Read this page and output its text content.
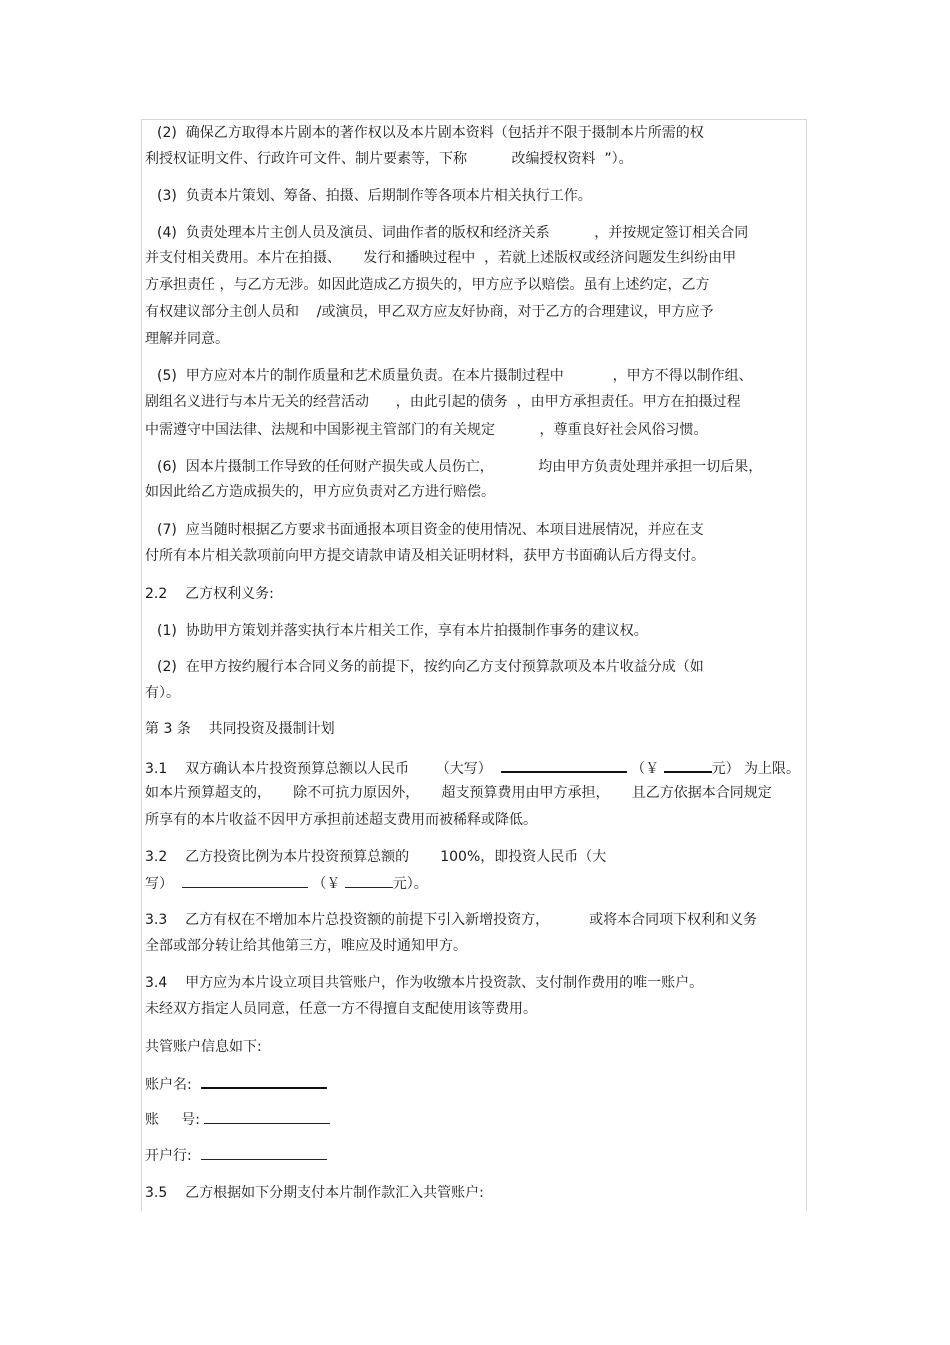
(2)  确保乙方取得本片剧本的著作权以及本片剧本资料（包括并不限于摄制本片所需的权
利授权证明文件、行政许可文件、制片要素等，下称          改编授权资料  ”）。
(3)  负责本片策划、筹备、拍摄、后期制作等各项本片相关执行工作。
(4)  负责处理本片主创人员及演员、词曲作者的版权和经济关系          ，并按规定签订相关合同
并支付相关费用。本片在拍摄、     发行和播映过程中  ，若就上述版权或经济问题发生纠纷由甲
方承担责任 ，与乙方无涉。如因此造成乙方损失的，甲方应予以赔偿。虽有上述约定，乙方
有权建议部分主创人员和    /或演员，甲乙双方应友好协商，对于乙方的合理建议，甲方应予
理解并同意。
(5)  甲方应对本片的制作质量和艺术质量负责。在本片摄制过程中           ，甲方不得以制作组、
剧组名义进行与本片无关的经营活动      ，由此引起的债务  ，由甲方承担责任。甲方在拍摄过程
中需遵守中国法律、法规和中国影视主管部门的有关规定          ，尊重良好社会风俗习惯。
(6)  因本片摄制工作导致的任何财产损失或人员伤亡，          均由甲方负责处理并承担一切后果，
如因此给乙方造成损失的，甲方应负责对乙方进行赔偿。
(7)  应当随时根据乙方要求书面通报本项目资金的使用情况、本项目进展情况，并应在支
付所有本片相关款项前向甲方提交请款申请及相关证明材料，获甲方书面确认后方得支付。
2.2    乙方权利义务:
(1)  协助甲方策划并落实执行本片相关工作，享有本片拍摄制作事务的建议权。
(2)  在甲方按约履行本合同义务的前提下，按约向乙方支付预算款项及本片收益分成（如
有）。
第 3 条    共同投资及摄制计划
3.1    双方确认本片投资预算总额以人民币      （大写）	（￥	元） 为上限。
如本片预算超支的，     除不可抗力原因外，     超支预算费用由甲方承担，     且乙方依据本合同规定
所享有的本片收益不因甲方承担前述超支费用而被稀释或降低。
3.2    乙方投资比例为本片投资预算总额的       100%，即投资人民币（大
写）	（￥	元）。
3.3    乙方有权在不增加本片总投资额的前提下引入新增投资方，         或将本合同项下权利和义务
全部或部分转让给其他第三方，唯应及时通知甲方。
3.4    甲方应为本片设立项目共管账户，作为收缴本片投资款、支付制作费用的唯一账户。
未经双方指定人员同意，任意一方不得擅自支配使用该等费用。
共管账户信息如下:
账户名:
账     号:
开户行:
3.5    乙方根据如下分期支付本片制作款汇入共管账户:
